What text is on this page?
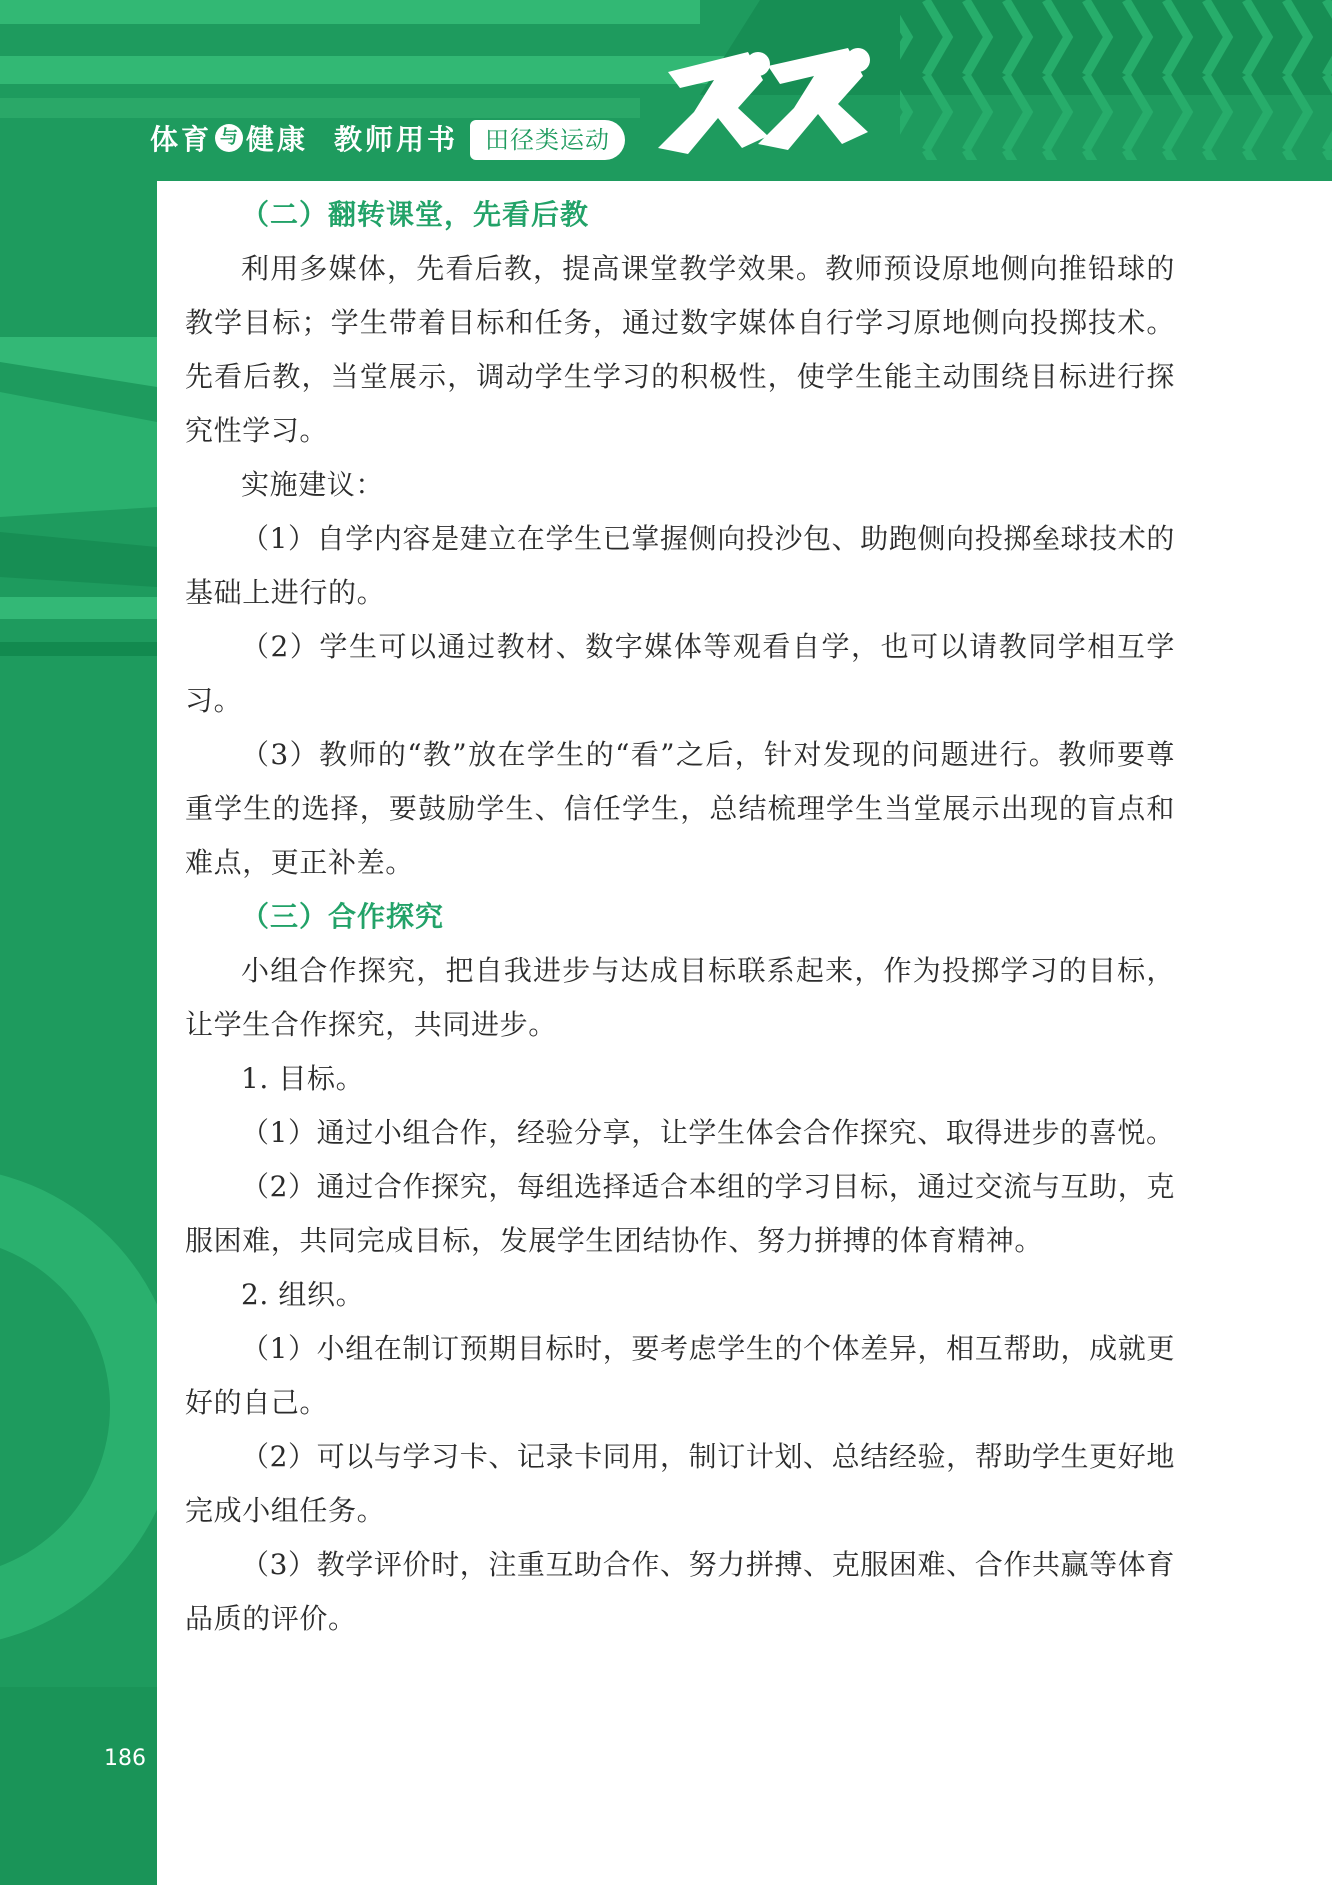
体育 与 健康 教师用书	田径类运动
（二）翻转课堂，先看后教

利用多媒体，先看后教，提高课堂教学效果。教师预设原地侧向推铅球的教学目标；学生带着目标和任务，通过数字媒体自行学习原地侧向投掷技术。先看后教，当堂展示，调动学生学习的积极性，使学生能主动围绕目标进行探究性学习。

实施建议：

（1）自学内容是建立在学生已掌握侧向投沙包、助跑侧向投掷垒球技术的基础上进行的。

（2）学生可以通过教材、数字媒体等观看自学，也可以请教同学相互学习。

（3）教师的“教”放在学生的“看”之后，针对发现的问题进行。教师要尊重学生的选择，要鼓励学生、信任学生，总结梳理学生当堂展示出现的盲点和难点，更正补差。

（三）合作探究

小组合作探究，把自我进步与达成目标联系起来，作为投掷学习的目标，让学生合作探究，共同进步。

1. 目标。

（1）通过小组合作，经验分享，让学生体会合作探究、取得进步的喜悦。

（2）通过合作探究，每组选择适合本组的学习目标，通过交流与互助，克服困难，共同完成目标，发展学生团结协作、努力拼搏的体育精神。

2. 组织。

（1）小组在制订预期目标时，要考虑学生的个体差异，相互帮助，成就更好的自己。

（2）可以与学习卡、记录卡同用，制订计划、总结经验，帮助学生更好地完成小组任务。

（3）教学评价时，注重互助合作、努力拼搏、克服困难、合作共赢等体育品质的评价。

186
